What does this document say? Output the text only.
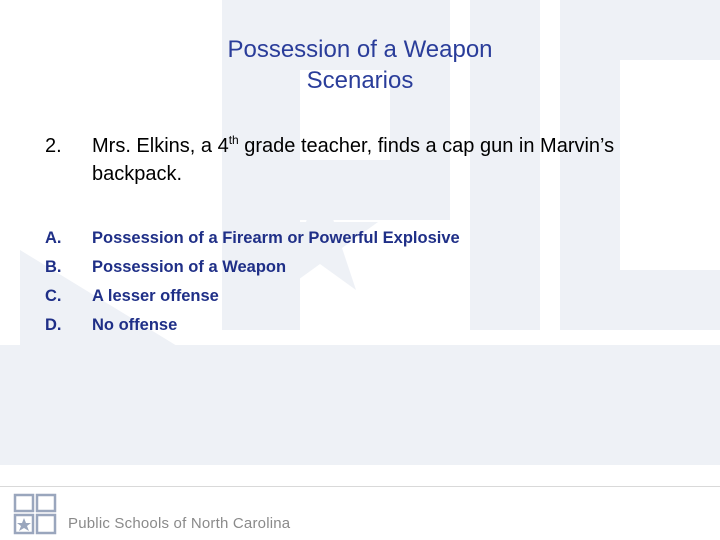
Possession of a Weapon
Scenarios
2. Mrs. Elkins, a 4th grade teacher, finds a cap gun in Marvin’s backpack.
A. Possession of a Firearm or Powerful Explosive
B. Possession of a Weapon
C. A lesser offense
D. No offense
Public Schools of North Carolina
